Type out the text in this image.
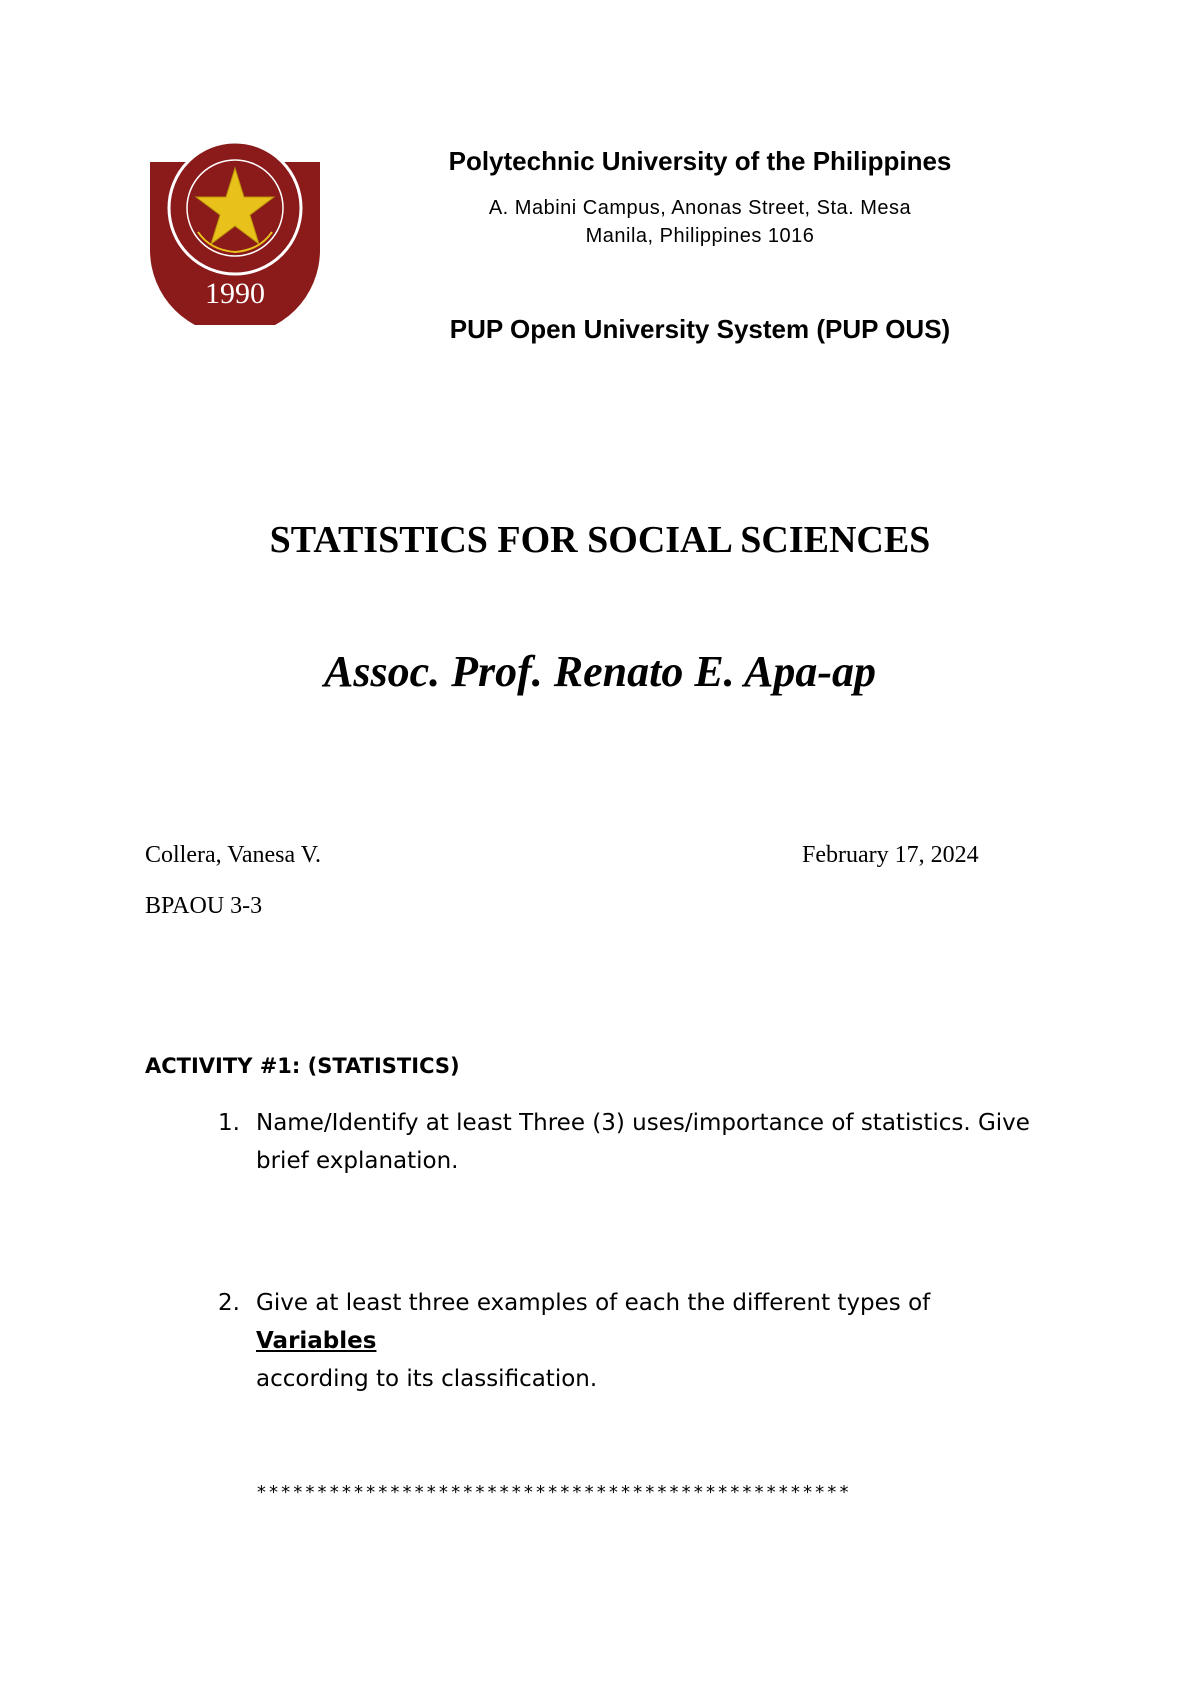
1990
Polytechnic University of the Philippines
A. Mabini Campus, Anonas Street, Sta. Mesa
Manila, Philippines 1016
PUP Open University System (PUP OUS)
STATISTICS FOR SOCIAL SCIENCES
Assoc. Prof. Renato E. Apa-ap
Collera, Vanesa V.	February 17, 2024
BPAOU 3-3
ACTIVITY #1: (STATISTICS)
1. Name/Identify at least Three (3) uses/importance of statistics. Give
brief explanation.
2. Give at least three examples of each the different types of Variables
according to its classification.
*************************************************
